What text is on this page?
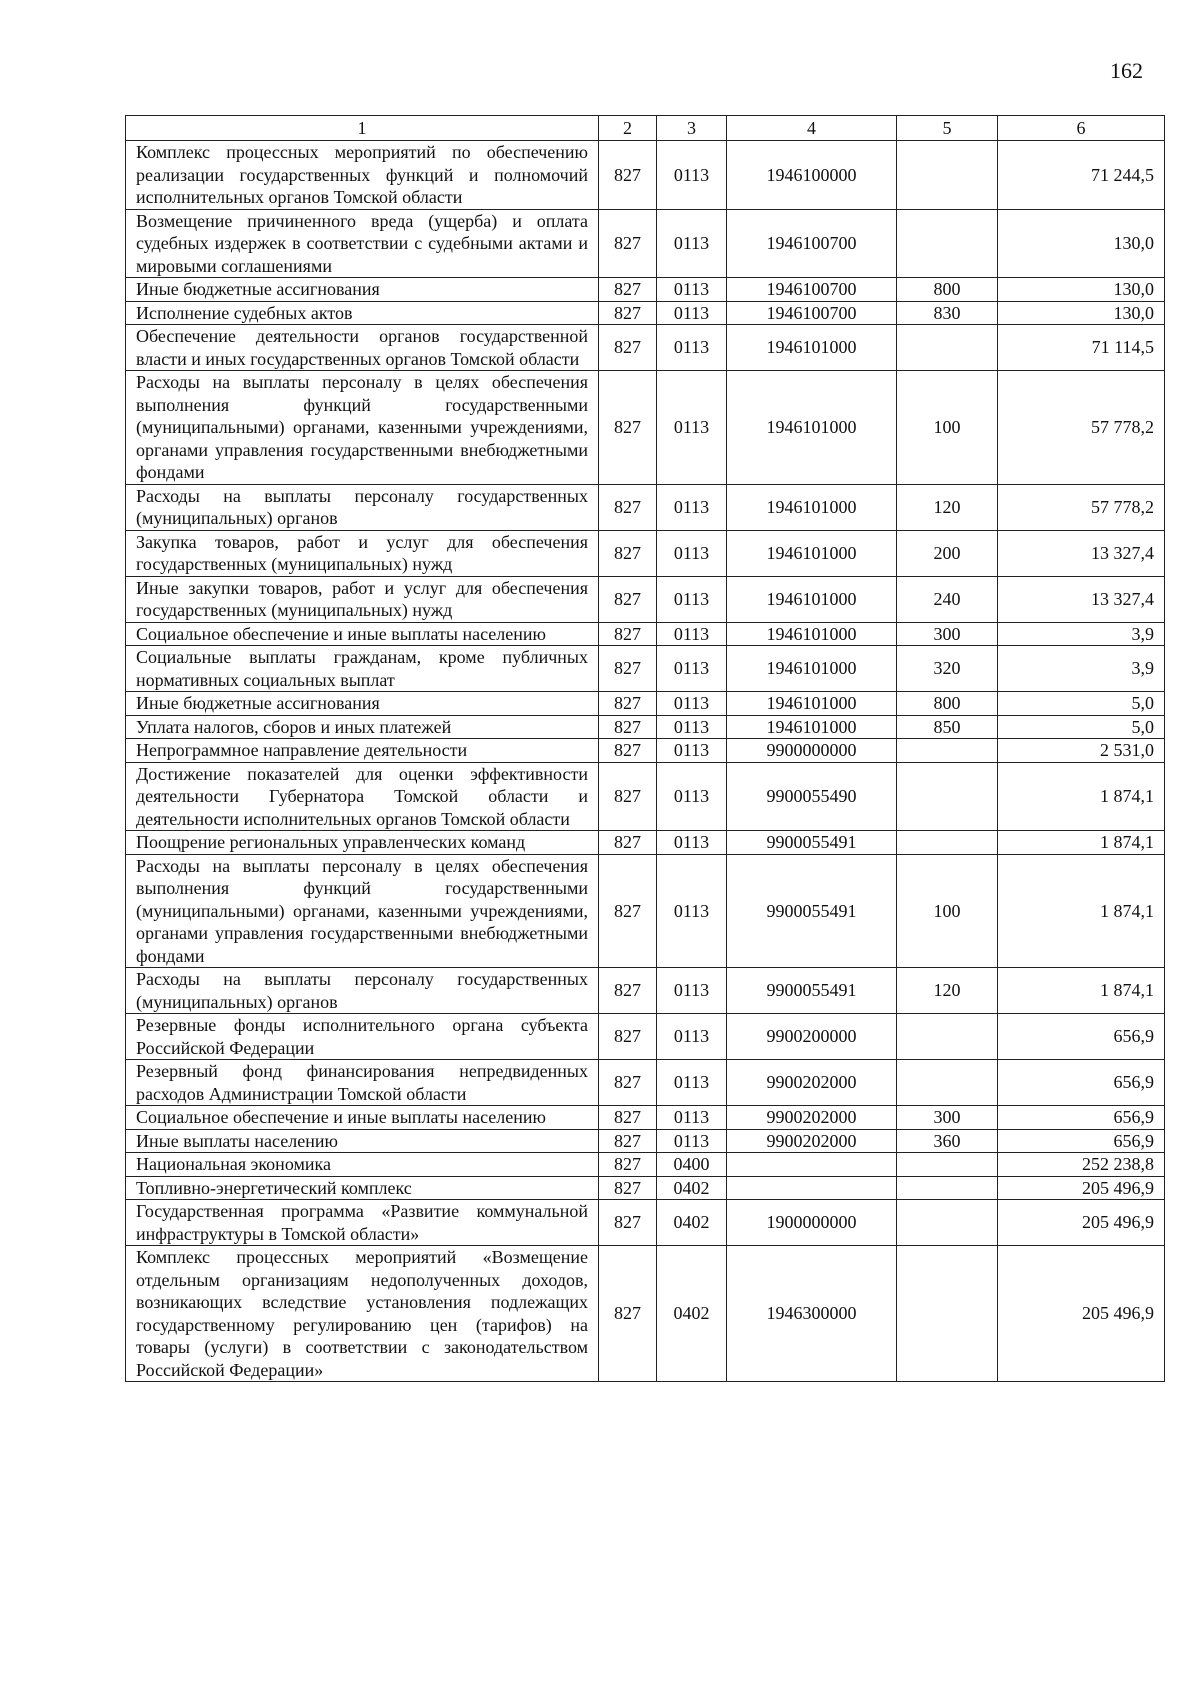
162
1	2	3	4	5	6
Комплекс процессных мероприятий по обеспечению реализации государственных функций и полномочий исполнительных органов Томской области	827	0113	1946100000		71 244,5
Возмещение причиненного вреда (ущерба) и оплата судебных издержек в соответствии с судебными актами и мировыми соглашениями	827	0113	1946100700		130,0
Иные бюджетные ассигнования	827	0113	1946100700	800	130,0
Исполнение судебных актов	827	0113	1946100700	830	130,0
Обеспечение деятельности органов государственной власти и иных государственных органов Томской области	827	0113	1946101000		71 114,5
Расходы на выплаты персоналу в целях обеспечения выполнения функций государственными (муниципальными) органами, казенными учреждениями, органами управления государственными внебюджетными фондами	827	0113	1946101000	100	57 778,2
Расходы на выплаты персоналу государственных (муниципальных) органов	827	0113	1946101000	120	57 778,2
Закупка товаров, работ и услуг для обеспечения государственных (муниципальных) нужд	827	0113	1946101000	200	13 327,4
Иные закупки товаров, работ и услуг для обеспечения государственных (муниципальных) нужд	827	0113	1946101000	240	13 327,4
Социальное обеспечение и иные выплаты населению	827	0113	1946101000	300	3,9
Социальные выплаты гражданам, кроме публичных нормативных социальных выплат	827	0113	1946101000	320	3,9
Иные бюджетные ассигнования	827	0113	1946101000	800	5,0
Уплата налогов, сборов и иных платежей	827	0113	1946101000	850	5,0
Непрограммное направление деятельности	827	0113	9900000000		2 531,0
Достижение показателей для оценки эффективности деятельности Губернатора Томской области и деятельности исполнительных органов Томской области	827	0113	9900055490		1 874,1
Поощрение региональных управленческих команд	827	0113	9900055491		1 874,1
Расходы на выплаты персоналу в целях обеспечения выполнения функций государственными (муниципальными) органами, казенными учреждениями, органами управления государственными внебюджетными фондами	827	0113	9900055491	100	1 874,1
Расходы на выплаты персоналу государственных (муниципальных) органов	827	0113	9900055491	120	1 874,1
Резервные фонды исполнительного органа субъекта Российской Федерации	827	0113	9900200000		656,9
Резервный фонд финансирования непредвиденных расходов Администрации Томской области	827	0113	9900202000		656,9
Социальное обеспечение и иные выплаты населению	827	0113	9900202000	300	656,9
Иные выплаты населению	827	0113	9900202000	360	656,9
Национальная экономика	827	0400			252 238,8
Топливно-энергетический комплекс	827	0402			205 496,9
Государственная программа «Развитие коммунальной инфраструктуры в Томской области»	827	0402	1900000000		205 496,9
Комплекс процессных мероприятий «Возмещение отдельным организациям недополученных доходов, возникающих вследствие установления подлежащих государственному регулированию цен (тарифов) на товары (услуги) в соответствии с законодательством Российской Федерации»	827	0402	1946300000		205 496,9
